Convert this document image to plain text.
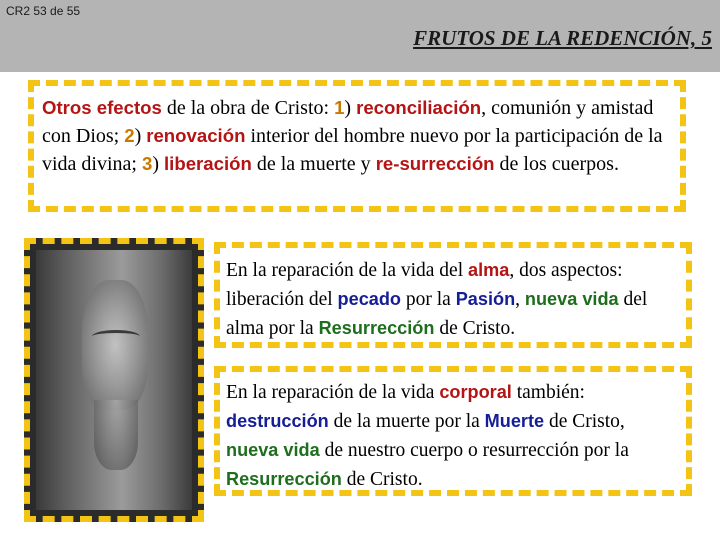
CR2 53 de 55
FRUTOS DE LA REDENCIÓN, 5
Otros efectos de la obra de Cristo: 1) reconciliación, comunión y amistad con Dios; 2) renovación interior del hombre nuevo por la participación de la vida divina; 3) liberación de la muerte y re-surrección de los cuerpos.
En la reparación de la vida del alma, dos aspectos: liberación del pecado por la Pasión, nueva vida del alma por la Resurrección de Cristo.
En la reparación de la vida corporal también: destrucción de la muerte por la Muerte de Cristo, nueva vida de nuestro cuerpo o resurrección por la Resurrección de Cristo.
